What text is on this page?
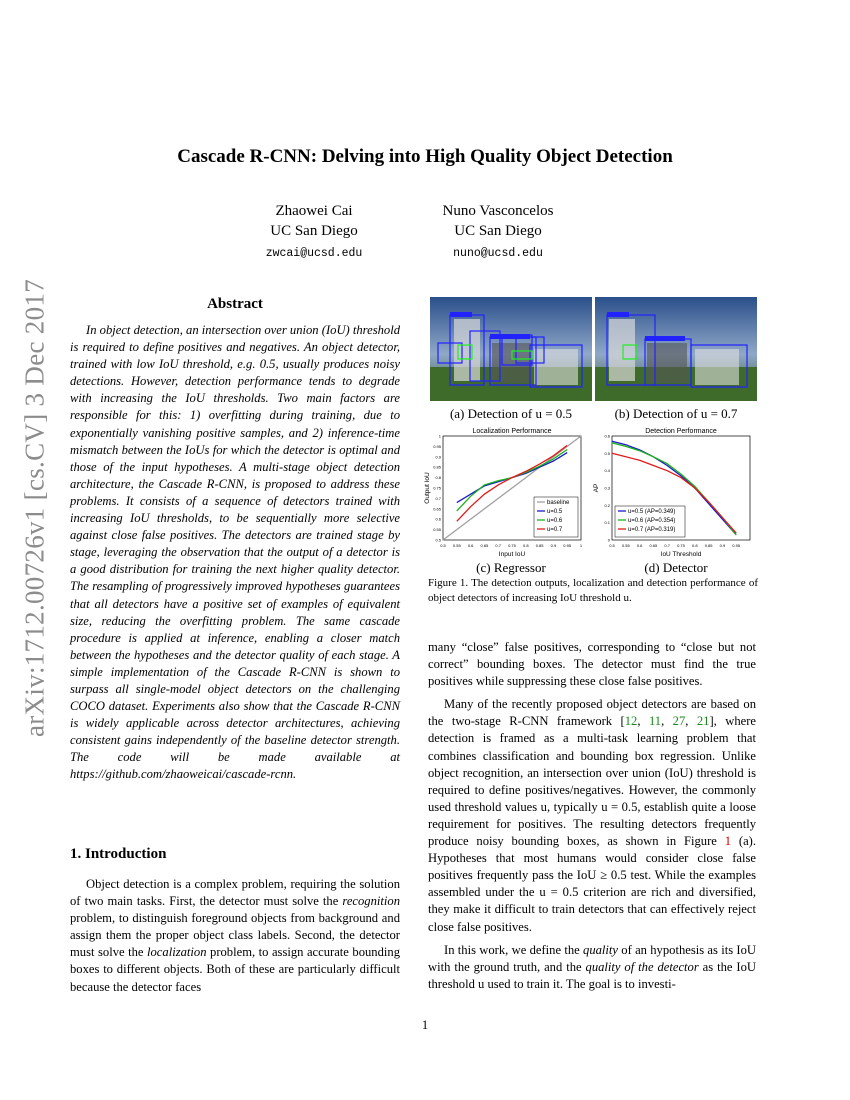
arXiv:1712.00726v1 [cs.CV] 3 Dec 2017
Cascade R-CNN: Delving into High Quality Object Detection
Zhaowei Cai
UC San Diego
zwcai@ucsd.edu
Nuno Vasconcelos
UC San Diego
nuno@ucsd.edu
Abstract

In object detection, an intersection over union (IoU) threshold is required to define positives and negatives. An object detector, trained with low IoU threshold, e.g. 0.5, usually produces noisy detections. However, detection performance tends to degrade with increasing the IoU thresholds. Two main factors are responsible for this: 1) overfitting during training, due to exponentially vanishing positive samples, and 2) inference-time mismatch between the IoUs for which the detector is optimal and those of the input hypotheses. A multi-stage object detection architecture, the Cascade R-CNN, is proposed to address these problems. It consists of a sequence of detectors trained with increasing IoU thresholds, to be sequentially more selective against close false positives. The detectors are trained stage by stage, leveraging the observation that the output of a detector is a good distribution for training the next higher quality detector. The resampling of progressively improved hypotheses guarantees that all detectors have a positive set of examples of equivalent size, reducing the overfitting problem. The same cascade procedure is applied at inference, enabling a closer match between the hypotheses and the detector quality of each stage. A simple implementation of the Cascade R-CNN is shown to surpass all single-model object detectors on the challenging COCO dataset. Experiments also show that the Cascade R-CNN is widely applicable across detector architectures, achieving consistent gains independently of the baseline detector strength. The code will be made available at https://github.com/zhaoweicai/cascade-rcnn.

1. Introduction

Object detection is a complex problem, requiring the solution of two main tasks. First, the detector must solve the recognition problem, to distinguish foreground objects from background and assign them the proper object class labels. Second, the detector must solve the localization problem, to assign accurate bounding boxes to different objects. Both of these are particularly difficult because the detector faces

(a) Detection of u = 0.5	(b) Detection of u = 0.7
Localization Performance
Input IoU
Output IoU
0.5 0.55 0.6 0.65 0.7 0.75 0.8 0.85 0.9 0.95 1
0.5
0.55
0.6
0.65
0.7
0.75
0.8
0.85
0.9
0.95
1
baseline
u=0.5
u=0.6
u=0.7
Detection Performance
IoU Threshold
AP
0.5 0.55 0.6 0.65 0.7 0.75 0.8 0.85 0.9 0.95
0
0.1
0.2
0.3
0.4
0.5
0.6
u=0.5 (AP=0.349)
u=0.6 (AP=0.354)
u=0.7 (AP=0.319)
(c) Regressor	(d) Detector
Figure 1. The detection outputs, localization and detection performance of object detectors of increasing IoU threshold u.

many “close” false positives, corresponding to “close but not correct” bounding boxes. The detector must find the true positives while suppressing these close false positives.

Many of the recently proposed object detectors are based on the two-stage R-CNN framework [12, 11, 27, 21], where detection is framed as a multi-task learning problem that combines classification and bounding box regression. Unlike object recognition, an intersection over union (IoU) threshold is required to define positives/negatives. However, the commonly used threshold values u, typically u = 0.5, establish quite a loose requirement for positives. The resulting detectors frequently produce noisy bounding boxes, as shown in Figure 1 (a). Hypotheses that most humans would consider close false positives frequently pass the IoU ≥ 0.5 test. While the examples assembled under the u = 0.5 criterion are rich and diversified, they make it difficult to train detectors that can effectively reject close false positives.

In this work, we define the quality of an hypothesis as its IoU with the ground truth, and the quality of the detector as the IoU threshold u used to train it. The goal is to investi-

1
